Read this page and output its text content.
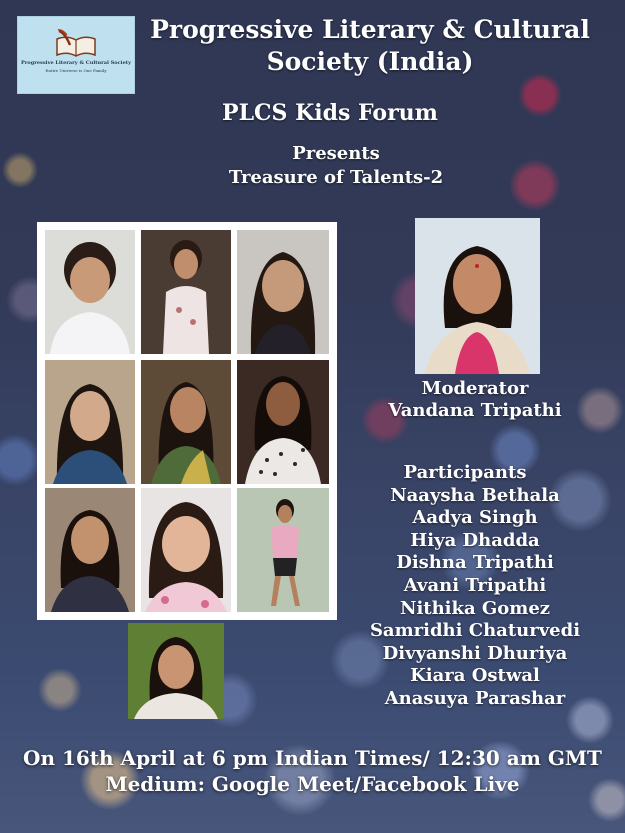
Progressive Literary & Cultural Society
Entire Universe is One Family
Progressive Literary & Cultural
Society (India)
PLCS Kids Forum
Presents
Treasure of Talents-2
Moderator
Vandana Tripathi
Participants
Naaysha Bethala
Aadya Singh
Hiya Dhadda
Dishna Tripathi
Avani Tripathi
Nithika Gomez
Samridhi Chaturvedi
Divyanshi Dhuriya
Kiara Ostwal
Anasuya Parashar
On 16th April at 6 pm Indian Times/ 12:30 am GMT
Medium: Google Meet/Facebook Live
